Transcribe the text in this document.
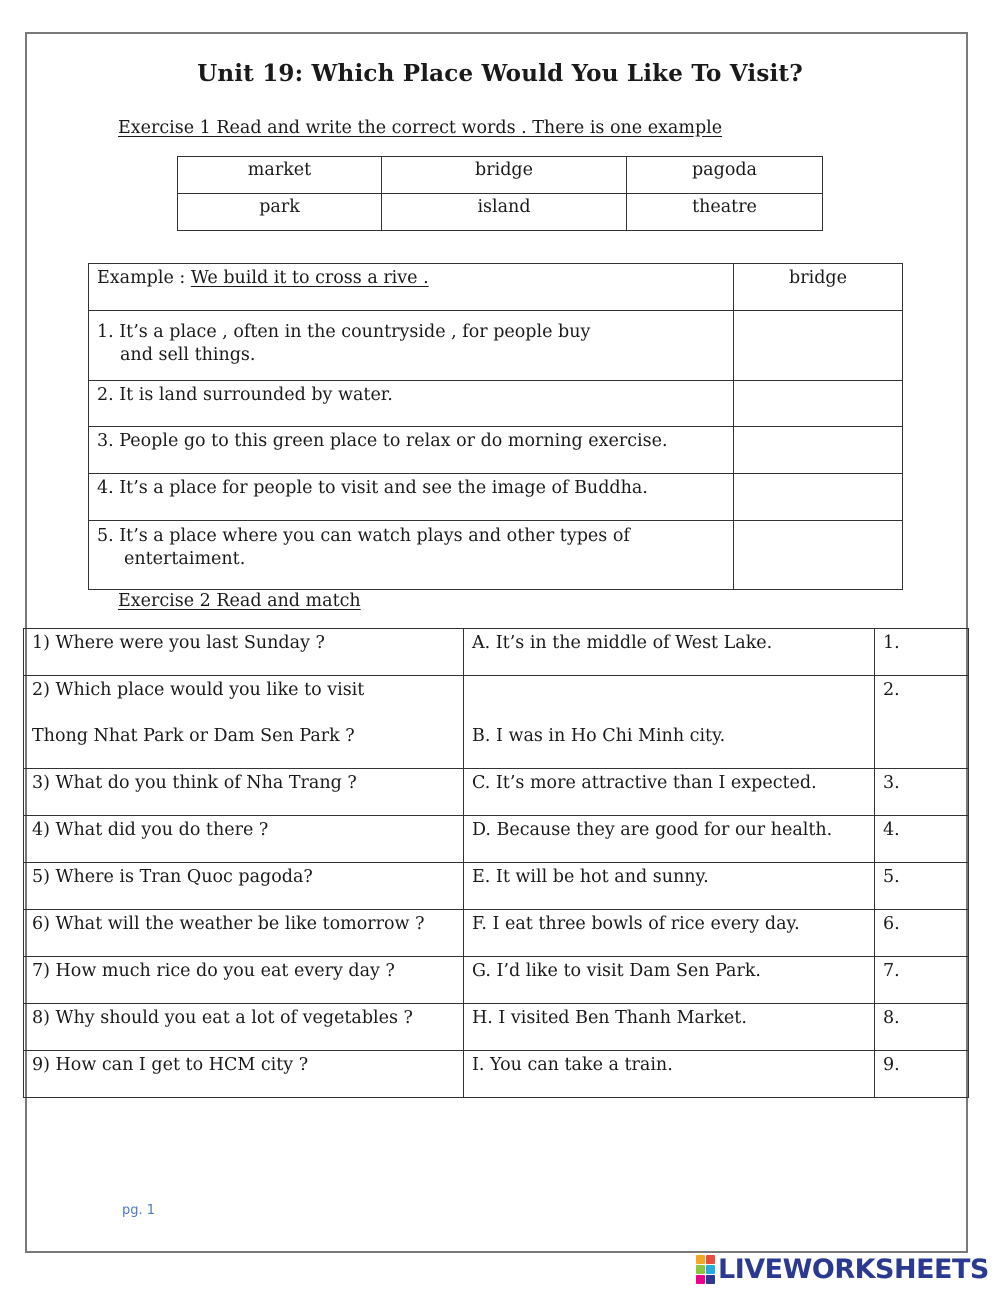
Unit 19: Which Place Would You Like To Visit?
Exercise 1 Read and write the correct words . There is one example
market	bridge	pagoda
park	island	theatre
Example : We build it to cross a rive .	bridge
1. It’s a place , often in the countryside , for people buy
and sell things.	

2. It is land surrounded by water.	
3. People go to this green place to relax or do morning exercise.	
4. It’s a place for people to visit and see the image of Buddha.	
5. It’s a place where you can watch plays and other types of
entertaiment.	

Exercise 2 Read and match
1) Where were you last Sunday ?	A. It’s in the middle of West Lake.	1.

2) Which place would you like to visit
Thong Nhat Park or Dam Sen Park ?	B. I was in Ho Chi Minh city.	2.
3) What do you think of Nha Trang ?	C. It’s more attractive than I expected.	3.
4) What did you do there ?	D. Because they are good for our health.	4.
5) Where is Tran Quoc pagoda?	E. It will be hot and sunny.	5.
6) What will the weather be like tomorrow ?	F. I eat three bowls of rice every day.	6.
7) How much rice do you eat every day ?	G. I’d like to visit Dam Sen Park.	7.
8) Why should you eat a lot of vegetables ?	H. I visited Ben Thanh Market.	8.
9) How can I get to HCM city ?	I. You can take a train.	9.
pg. 1
LIVEWORKSHEETS
